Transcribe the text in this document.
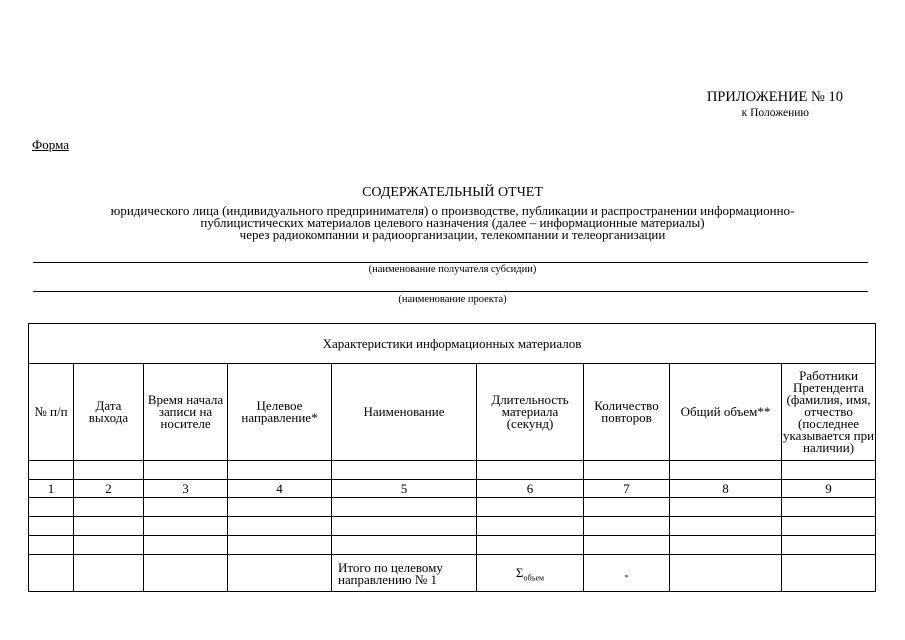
ПРИЛОЖЕНИЕ № 10
к Положению
Форма
СОДЕРЖАТЕЛЬНЫЙ ОТЧЕТ
юридического лица (индивидуального предпринимателя) о производстве, публикации и распространении информационно-
публицистических материалов целевого назначения (далее – информационные материалы)
через радиокомпании и радиоорганизации, телекомпании и телеорганизации
(наименование получателя субсидии)
(наименование проекта)
Характеристики информационных материалов								
№ п/п	Дата выхода	Время начала записи на носителе	Целевое направление*	Наименование	Длительность материала (секунд)	Количество повторов	Общий объем**	Работники Претендента (фамилия, имя, отчество (последнее указывается при наличии)

1	2	3	4	5	6	7	8	9

				Итого по целевому направлению № 1	$\Sigma_{объем}$	-		
